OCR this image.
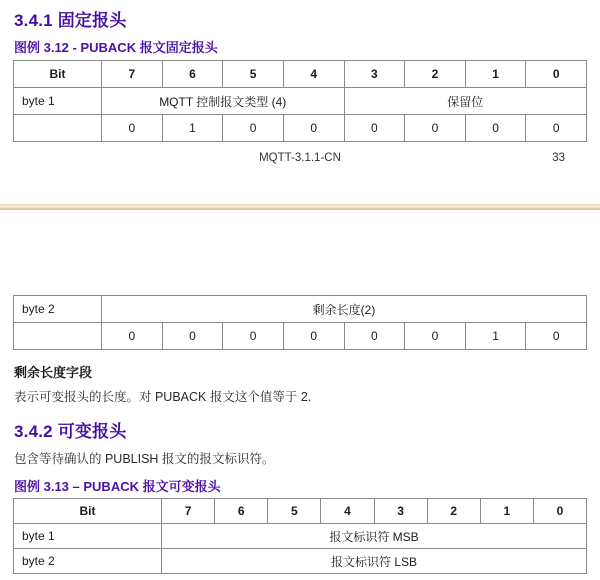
3.4.1 固定报头
图例 3.12 - PUBACK 报文固定报头
Bit	7	6	5	4	3	2	1	0
byte 1	MQTT 控制报文类型 (4)				保留位			
	0	1	0	0	0	0	0	0
MQTT-3.1.1-CN	33
byte 2	剩余长度(2)							
	0	0	0	0	0	0	1	0
剩余长度字段
表示可变报头的长度。对 PUBACK 报文这个值等于 2.
3.4.2 可变报头
包含等待确认的 PUBLISH 报文的报文标识符。
图例 3.13 – PUBACK 报文可变报头
Bit	7	6	5	4	3	2	1	0
byte 1	报文标识符 MSB							
byte 2	报文标识符 LSB							
